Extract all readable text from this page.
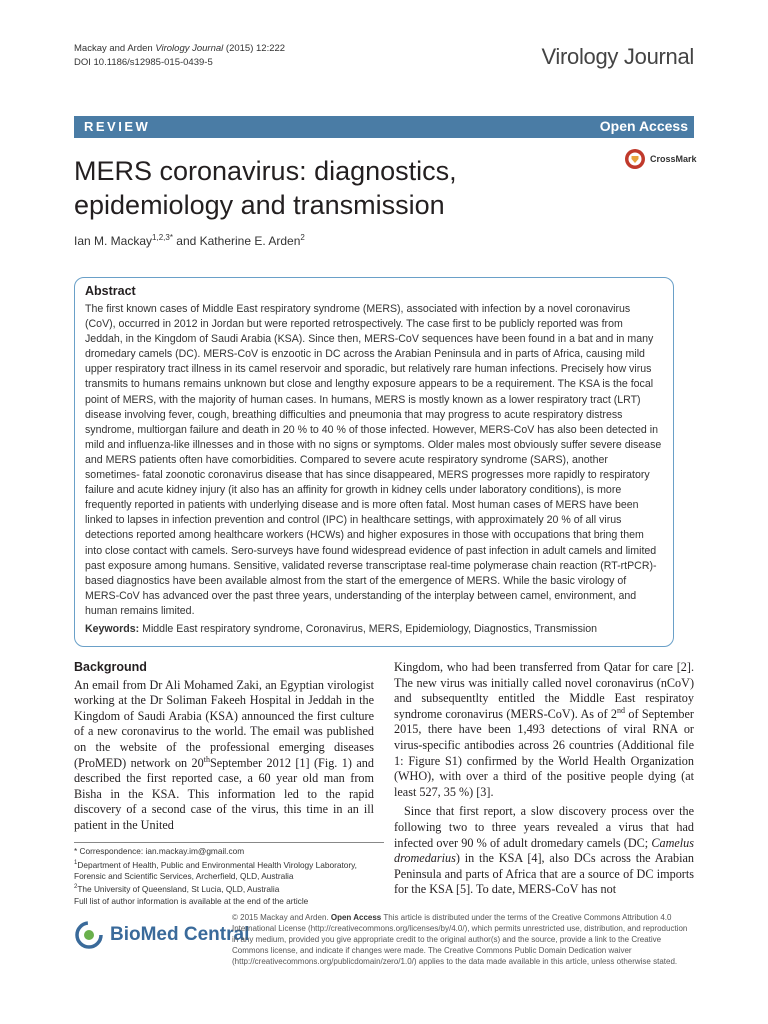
Mackay and Arden Virology Journal (2015) 12:222
DOI 10.1186/s12985-015-0439-5	Virology Journal
REVIEW	Open Access
MERS coronavirus: diagnostics,
epidemiology and transmission
CrossMark
Ian M. Mackay$^{1,2,3*}$ and Katherine E. Arden$^2$
Abstract

The first known cases of Middle East respiratory syndrome (MERS), associated with infection by a novel coronavirus (CoV), occurred in 2012 in Jordan but were reported retrospectively. The case first to be publicly reported was from Jeddah, in the Kingdom of Saudi Arabia (KSA). Since then, MERS-CoV sequences have been found in a bat and in many dromedary camels (DC). MERS-CoV is enzootic in DC across the Arabian Peninsula and in parts of Africa, causing mild upper respiratory tract illness in its camel reservoir and sporadic, but relatively rare human infections. Precisely how virus transmits to humans remains unknown but close and lengthy exposure appears to be a requirement. The KSA is the focal point of MERS, with the majority of human cases. In humans, MERS is mostly known as a lower respiratory tract (LRT) disease involving fever, cough, breathing difficulties and pneumonia that may progress to acute respiratory distress syndrome, multiorgan failure and death in 20 % to 40 % of those infected. However, MERS-CoV has also been detected in mild and influenza-like illnesses and in those with no signs or symptoms. Older males most obviously suffer severe disease and MERS patients often have comorbidities. Compared to severe acute respiratory syndrome (SARS), another sometimes- fatal zoonotic coronavirus disease that has since disappeared, MERS progresses more rapidly to respiratory failure and acute kidney injury (it also has an affinity for growth in kidney cells under laboratory conditions), is more frequently reported in patients with underlying disease and is more often fatal. Most human cases of MERS have been linked to lapses in infection prevention and control (IPC) in healthcare settings, with approximately 20 % of all virus detections reported among healthcare workers (HCWs) and higher exposures in those with occupations that bring them into close contact with camels. Sero-surveys have found widespread evidence of past infection in adult camels and limited past exposure among humans. Sensitive, validated reverse transcriptase real-time polymerase chain reaction (RT-rtPCR)-based diagnostics have been available almost from the start of the emergence of MERS. While the basic virology of MERS-CoV has advanced over the past three years, understanding of the interplay between camel, environment, and human remains limited.

Keywords: Middle East respiratory syndrome, Coronavirus, MERS, Epidemiology, Diagnostics, Transmission
Background

An email from Dr Ali Mohamed Zaki, an Egyptian virologist working at the Dr Soliman Fakeeh Hospital in Jeddah in the Kingdom of Saudi Arabia (KSA) announced the first culture of a new coronavirus to the world. The email was published on the website of the professional emerging diseases (ProMED) network on 20thSeptember 2012 [1] (Fig. 1) and described the first reported case, a 60 year old man from Bisha in the KSA. This information led to the rapid discovery of a second case of the virus, this time in an ill patient in the United

Kingdom, who had been transferred from Qatar for care [2]. The new virus was initially called novel coronavirus (nCoV) and subsequentlty entitled the Middle East respiratoy syndrome coronavirus (MERS-CoV). As of 2nd of September 2015, there have been 1,493 detections of viral RNA or virus-specific antibodies across 26 countries (Additional file 1: Figure S1) confirmed by the World Health Organization (WHO), with over a third of the positive people dying (at least 527, 35 %) [3].

Since that first report, a slow discovery process over the following two to three years revealed a virus that had infected over 90 % of adult dromedary camels (DC; Camelus dromedarius) in the KSA [4], also DCs across the Arabian Peninsula and parts of Africa that are a source of DC imports for the KSA [5]. To date, MERS-CoV has not

* Correspondence: ian.mackay.im@gmail.com
$^1$Department of Health, Public and Environmental Health Virology Laboratory, Forensic and Scientific Services, Archerfield, QLD, Australia
$^2$The University of Queensland, St Lucia, QLD, Australia
Full list of author information is available at the end of the article
BioMed Central
© 2015 Mackay and Arden. Open Access This article is distributed under the terms of the Creative Commons Attribution 4.0 International License (http://creativecommons.org/licenses/by/4.0/), which permits unrestricted use, distribution, and reproduction in any medium, provided you give appropriate credit to the original author(s) and the source, provide a link to the Creative Commons license, and indicate if changes were made. The Creative Commons Public Domain Dedication waiver (http://creativecommons.org/publicdomain/zero/1.0/) applies to the data made available in this article, unless otherwise stated.
